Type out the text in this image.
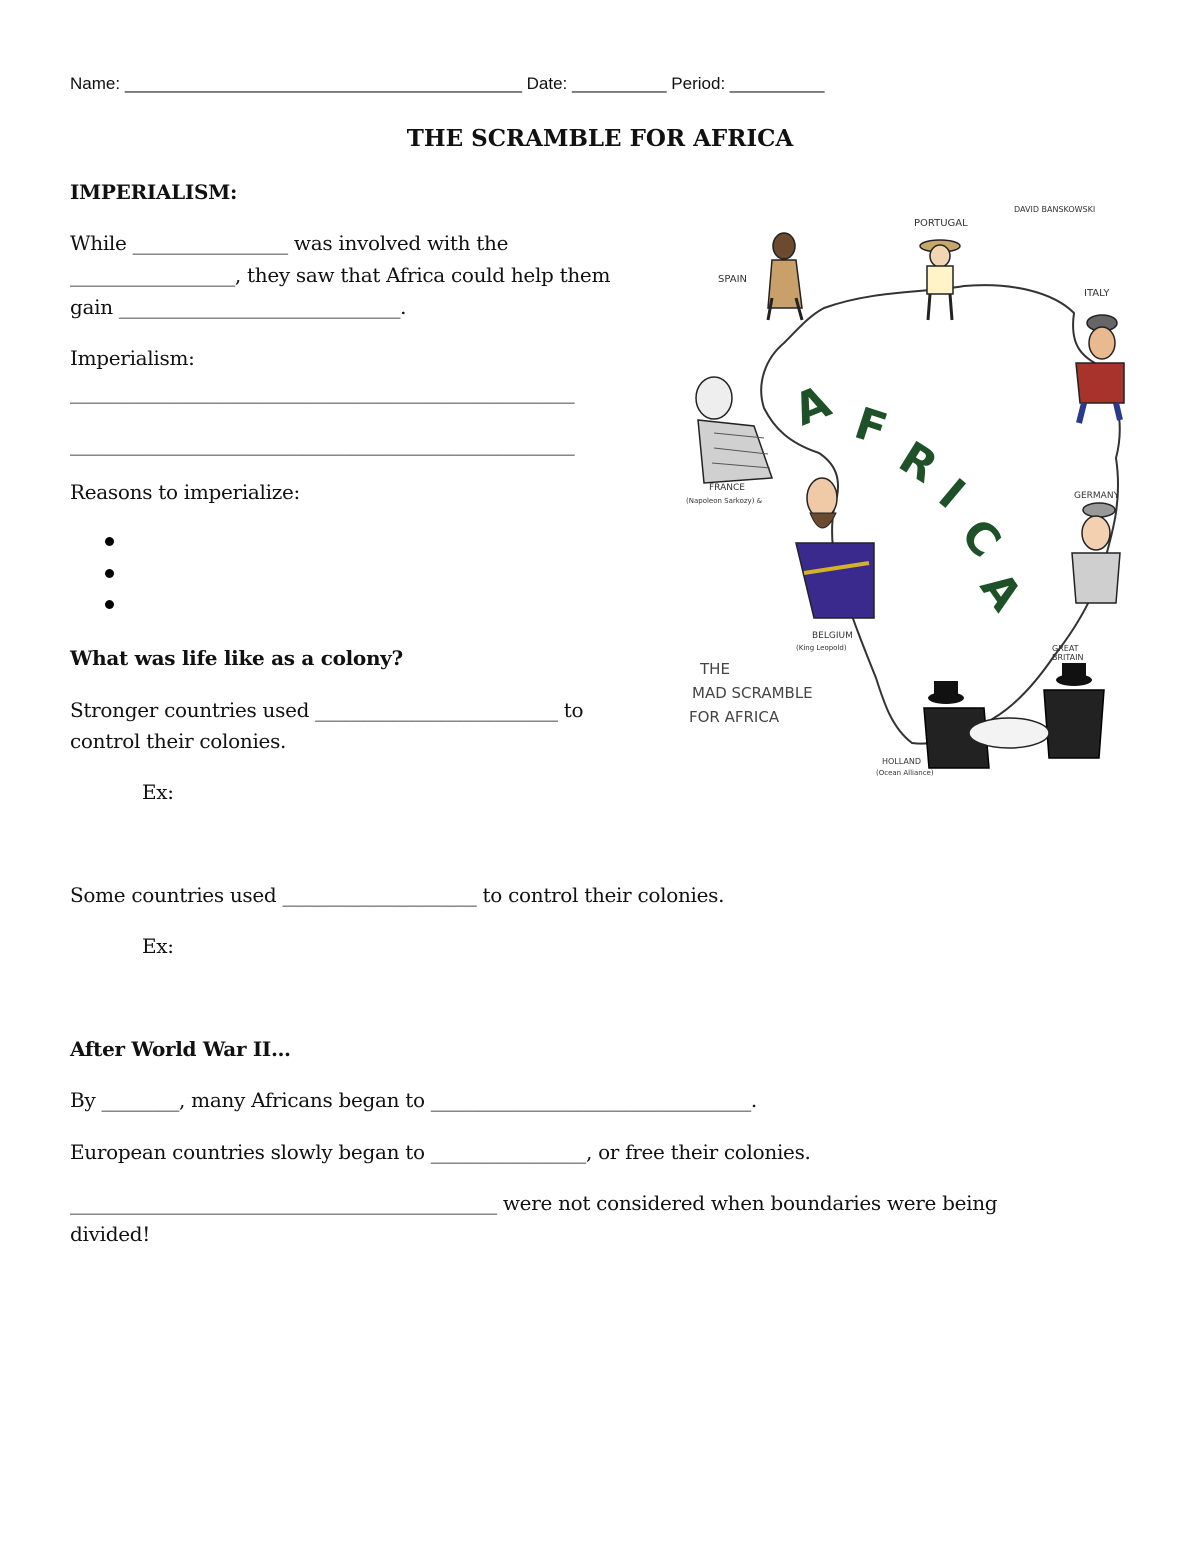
Name: __________________________________________ Date: __________ Period: __________
THE SCRAMBLE FOR AFRICA
IMPERIALISM:
While ________________ was involved with the
_________________, they saw that Africa could help them
gain _____________________________.
Imperialism:
____________________________________________________
____________________________________________________
Reasons to imperialize:
What was life like as a colony?
Stronger countries used _________________________ to
control their colonies.
Ex:
Some countries used ____________________ to control their colonies.
Ex:
After World War II…
By ________, many Africans began to _________________________________.
European countries slowly began to ________________, or free their colonies.
____________________________________________ were not considered when boundaries were being
divided!
A F
R
I
C
A
SPAIN
PORTUGAL
DAVID BANSKOWSKI
ITALY
FRANCE
(Napoleon Sarkozy) &	GERMANY
BELGIUM
(King Leopold)	GREAT
BRITAIN
HOLLAND
(Ocean Alliance)
THE
MAD SCRAMBLE
FOR AFRICA
